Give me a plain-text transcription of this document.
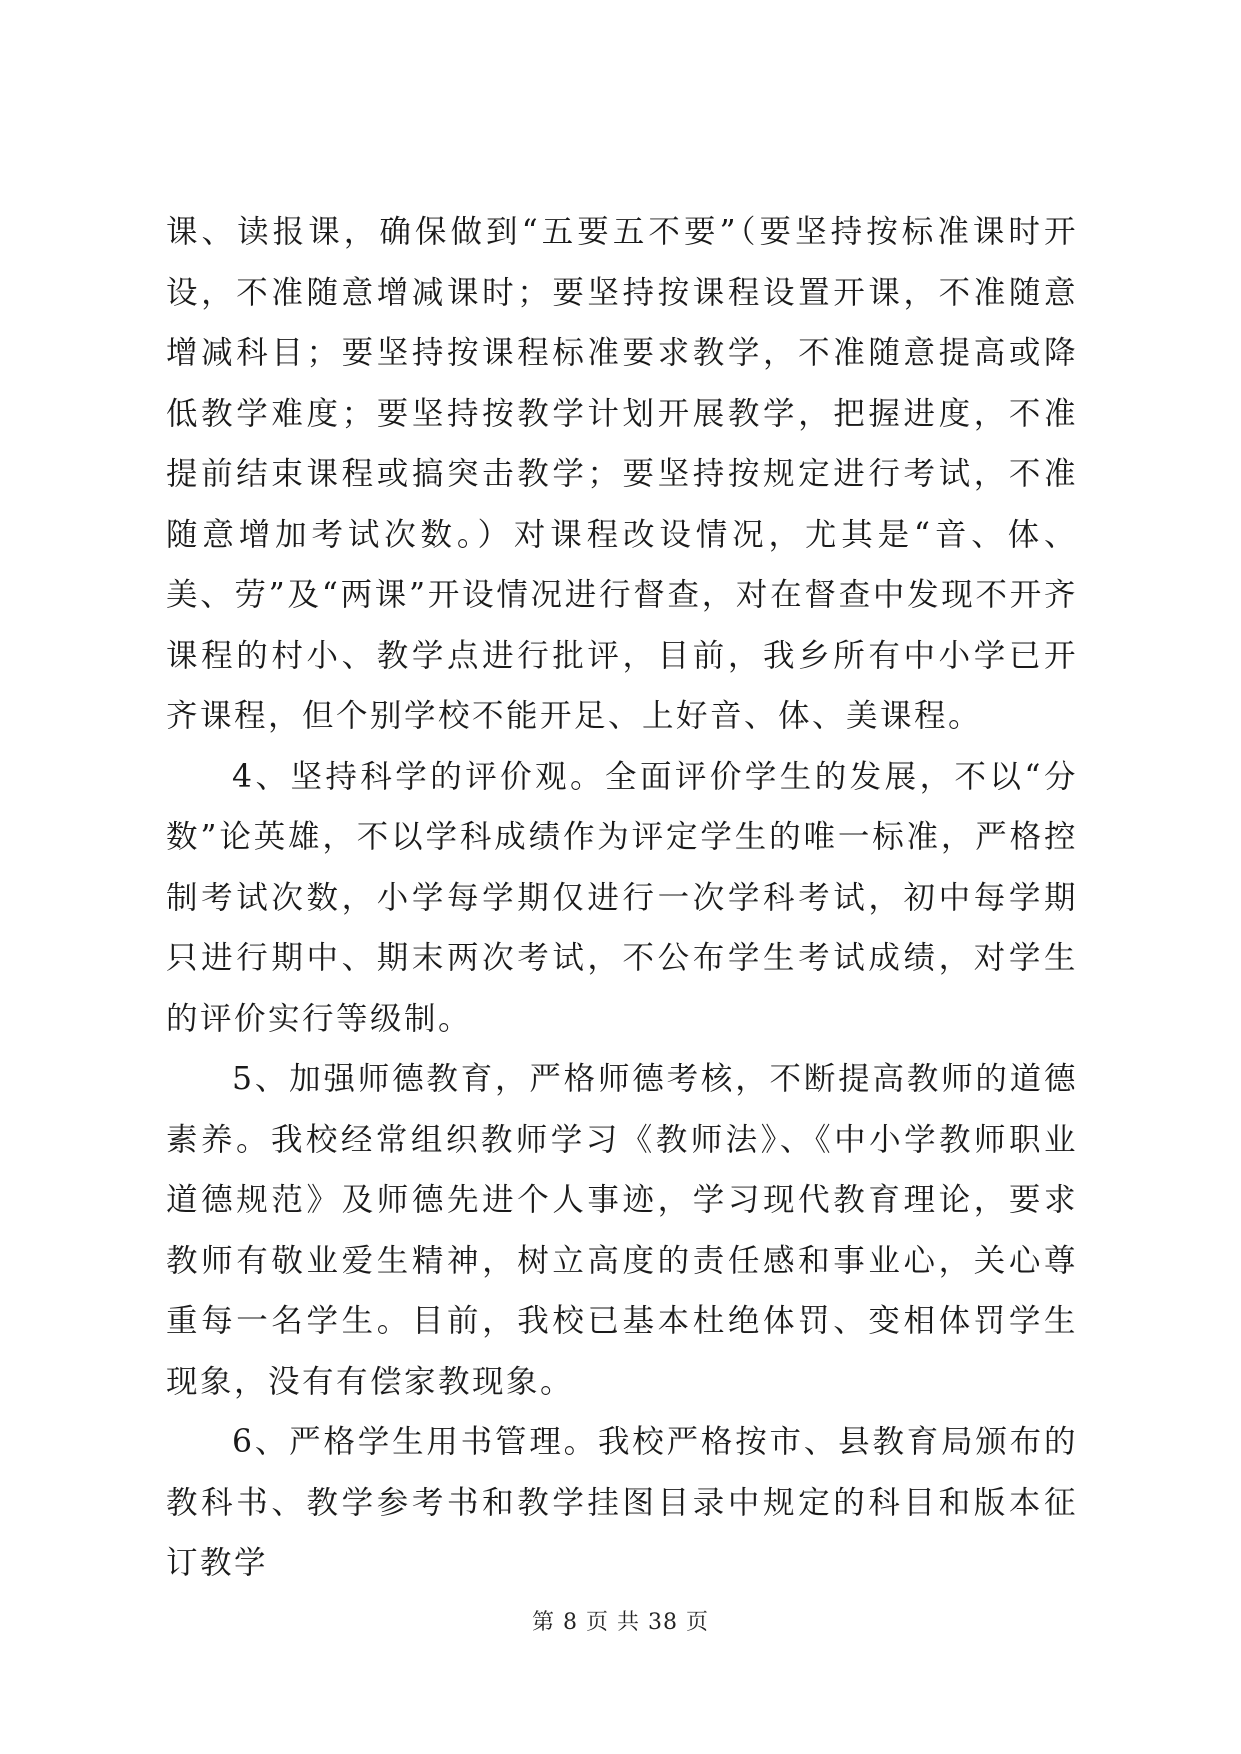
课、读报课，确保做到“五要五不要”（要坚持按标准课时开设，不准随意增减课时；要坚持按课程设置开课，不准随意增减科目；要坚持按课程标准要求教学，不准随意提高或降低教学难度；要坚持按教学计划开展教学，把握进度，不准提前结束课程或搞突击教学；要坚持按规定进行考试，不准随意增加考试次数。）对课程改设情况，尤其是“音、体、美、劳”及“两课”开设情况进行督查，对在督查中发现不开齐课程的村小、教学点进行批评，目前，我乡所有中小学已开齐课程，但个别学校不能开足、上好音、体、美课程。

4、坚持科学的评价观。全面评价学生的发展，不以“分数”论英雄，不以学科成绩作为评定学生的唯一标准，严格控制考试次数，小学每学期仅进行一次学科考试，初中每学期只进行期中、期末两次考试，不公布学生考试成绩，对学生的评价实行等级制。

5、加强师德教育，严格师德考核，不断提高教师的道德素养。我校经常组织教师学习《教师法》、《中小学教师职业道德规范》及师德先进个人事迹，学习现代教育理论，要求教师有敬业爱生精神，树立高度的责任感和事业心，关心尊重每一名学生。目前，我校已基本杜绝体罚、变相体罚学生现象，没有有偿家教现象。

6、严格学生用书管理。我校严格按市、县教育局颁布的教科书、教学参考书和教学挂图目录中规定的科目和版本征订教学

第 8 页 共 38 页
